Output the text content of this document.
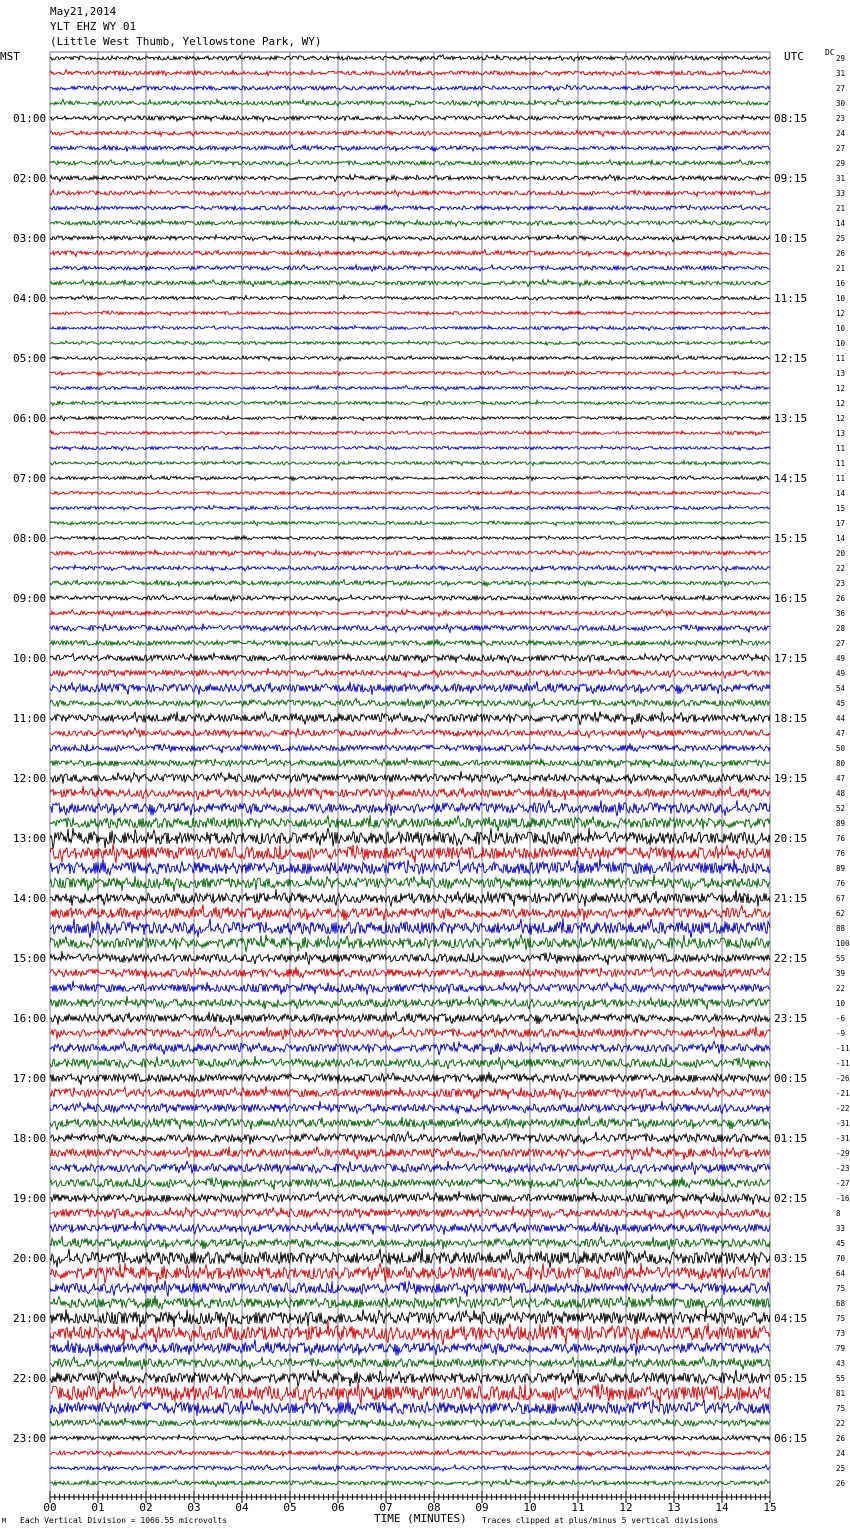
May21,2014
YLT EHZ WY 01
(Little West Thumb, Yellowstone Park, WY)
MST	UTC	DC
29
31
27
30
23
24
27
29
31
33
21
14
25
26
21
16
10
12
10
10
11
13
12
12
12
13
11
11
11
14
15
17
14
20
22
23
26
36
28
27
49
49
54
45
44
47
50
80
47
48
52
89
76
76
89
76
67
62
88
100
55
39
22
10
-6
-9
-11
-11
-26
-21
-22
-31
-31
-29
-23
-27
-16
8
33
45
70
64
75
68
75
73
79
43
55
81
75
22
26
24
25
26
01:00	08:15
02:00	09:15
03:00	10:15
04:00	11:15
05:00	12:15
06:00	13:15
07:00	14:15
08:00	15:15
09:00	16:15
10:00	17:15
11:00	18:15
12:00	19:15
13:00	20:15
14:00	21:15
15:00	22:15
16:00	23:15
17:00	00:15
18:00	01:15
19:00	02:15
20:00	03:15
21:00	04:15
22:00	05:15
23:00	06:15
00	01	02	03	04	05	06	07	08	09	10	11	12	13	14	15
M Each Vertical Division = 1066.55 microvolts	TIME (MINUTES) Traces clipped at plus/minus 5 vertical divisions
